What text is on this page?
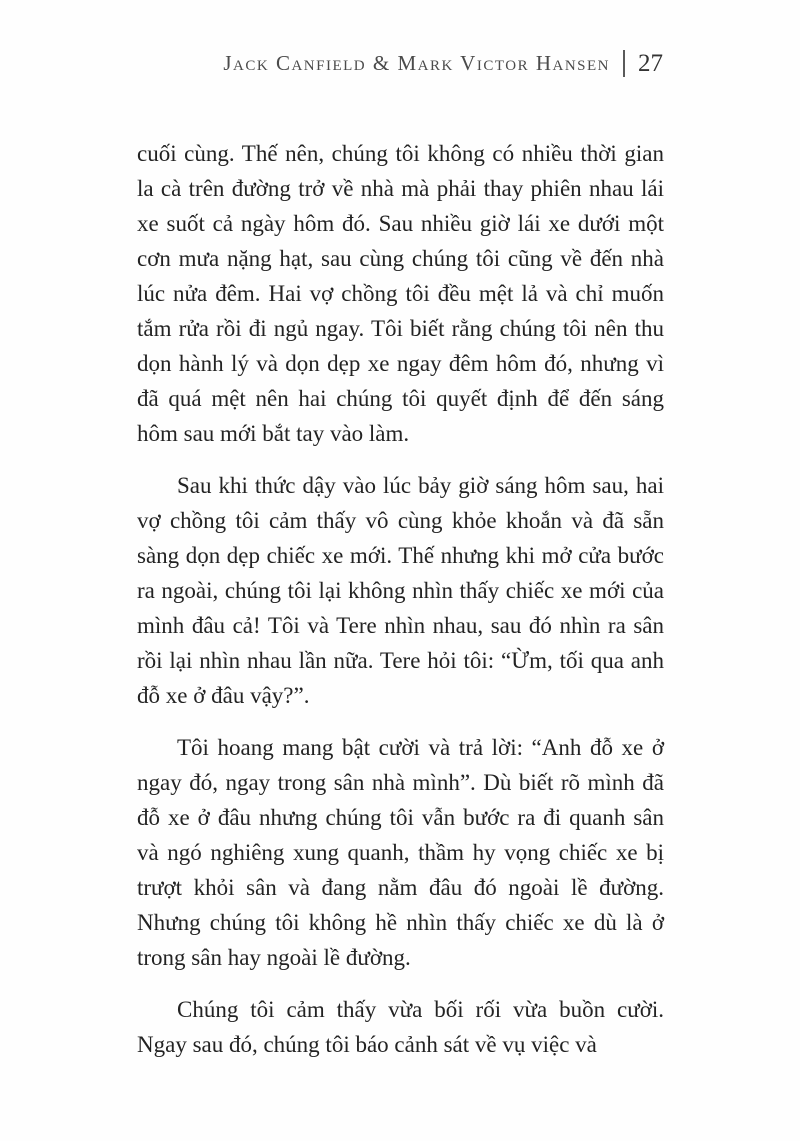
Jack Canfield & Mark Victor Hansen 27

cuối cùng. Thế nên, chúng tôi không có nhiều thời gian la cà trên đường trở về nhà mà phải thay phiên nhau lái xe suốt cả ngày hôm đó. Sau nhiều giờ lái xe dưới một cơn mưa nặng hạt, sau cùng chúng tôi cũng về đến nhà lúc nửa đêm. Hai vợ chồng tôi đều mệt lả và chỉ muốn tắm rửa rồi đi ngủ ngay. Tôi biết rằng chúng tôi nên thu dọn hành lý và dọn dẹp xe ngay đêm hôm đó, nhưng vì đã quá mệt nên hai chúng tôi quyết định để đến sáng hôm sau mới bắt tay vào làm.

Sau khi thức dậy vào lúc bảy giờ sáng hôm sau, hai vợ chồng tôi cảm thấy vô cùng khỏe khoắn và đã sẵn sàng dọn dẹp chiếc xe mới. Thế nhưng khi mở cửa bước ra ngoài, chúng tôi lại không nhìn thấy chiếc xe mới của mình đâu cả! Tôi và Tere nhìn nhau, sau đó nhìn ra sân rồi lại nhìn nhau lần nữa. Tere hỏi tôi: “Ừm, tối qua anh đỗ xe ở đâu vậy?”.

Tôi hoang mang bật cười và trả lời: “Anh đỗ xe ở ngay đó, ngay trong sân nhà mình”. Dù biết rõ mình đã đỗ xe ở đâu nhưng chúng tôi vẫn bước ra đi quanh sân và ngó nghiêng xung quanh, thầm hy vọng chiếc xe bị trượt khỏi sân và đang nằm đâu đó ngoài lề đường. Nhưng chúng tôi không hề nhìn thấy chiếc xe dù là ở trong sân hay ngoài lề đường.

Chúng tôi cảm thấy vừa bối rối vừa buồn cười. Ngay sau đó, chúng tôi báo cảnh sát về vụ việc và
